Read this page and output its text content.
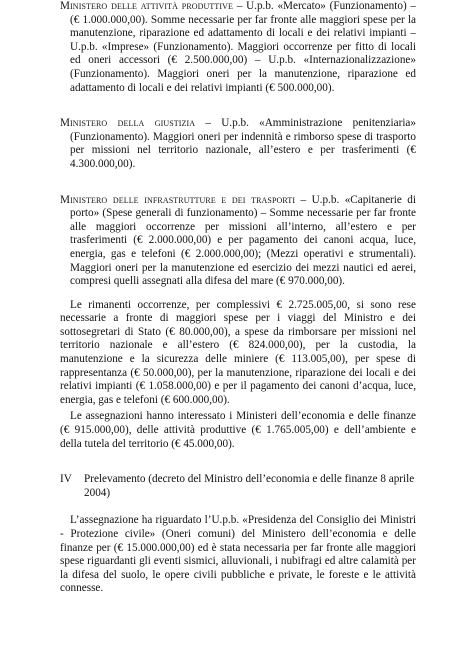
Ministero delle attività produttive – U.p.b. «Mercato» (Funzionamento) – (€ 1.000.000,00). Somme necessarie per far fronte alle maggiori spese per la manutenzione, riparazione ed adattamento di locali e dei relativi impianti – U.p.b. «Imprese» (Funzionamento). Maggiori occorrenze per fitto di locali ed oneri accessori (€ 2.500.000,00) – U.p.b. «Internazionalizzazione» (Funzionamento). Maggiori oneri per la manutenzione, riparazione ed adattamento di locali e dei relativi impianti (€ 500.000,00).

Ministero della giustizia – U.p.b. «Amministrazione penitenziaria» (Funzionamento). Maggiori oneri per indennità e rimborso spese di trasporto per missioni nel territorio nazionale, all’estero e per trasferimenti (€ 4.300.000,00).

Ministero delle infrastrutture e dei trasporti – U.p.b. «Capitanerie di porto» (Spese generali di funzionamento) – Somme necessarie per far fronte alle maggiori occorrenze per missioni all’interno, all’estero e per trasferimenti (€ 2.000.000,00) e per pagamento dei canoni acqua, luce, energia, gas e telefoni (€ 2.000.000,00); (Mezzi operativi e strumentali). Maggiori oneri per la manutenzione ed esercizio dei mezzi nautici ed aerei, compresi quelli assegnati alla difesa del mare (€ 970.000,00).

Le rimanenti occorrenze, per complessivi € 2.725.005,00, si sono rese necessarie a fronte di maggiori spese per i viaggi del Ministro e dei sottosegretari di Stato (€ 80.000,00), a spese da rimborsare per missioni nel territorio nazionale e all’estero (€ 824.000,00), per la custodia, la manutenzione e la sicurezza delle miniere (€ 113.005,00), per spese di rappresentanza (€ 50.000,00), per la manutenzione, riparazione dei locali e dei relativi impianti (€ 1.058.000,00) e per il pagamento dei canoni d’acqua, luce, energia, gas e telefoni (€ 600.000,00).

Le assegnazioni hanno interessato i Ministeri dell’economia e delle finanze (€ 915.000,00), delle attività produttive (€ 1.765.005,00) e dell’ambiente e della tutela del territorio (€ 45.000,00).

IV Prelevamento (decreto del Ministro dell’economia e delle finanze 8 aprile 2004)

L’assegnazione ha riguardato l’U.p.b. «Presidenza del Consiglio dei Ministri - Protezione civile» (Oneri comuni) del Ministero dell’economia e delle finanze per (€ 15.000.000,00) ed è stata necessaria per far fronte alle maggiori spese riguardanti gli eventi sismici, alluvionali, i nubifragi ed altre calamità per la difesa del suolo, le opere civili pubbliche e private, le foreste e le attività connesse.
